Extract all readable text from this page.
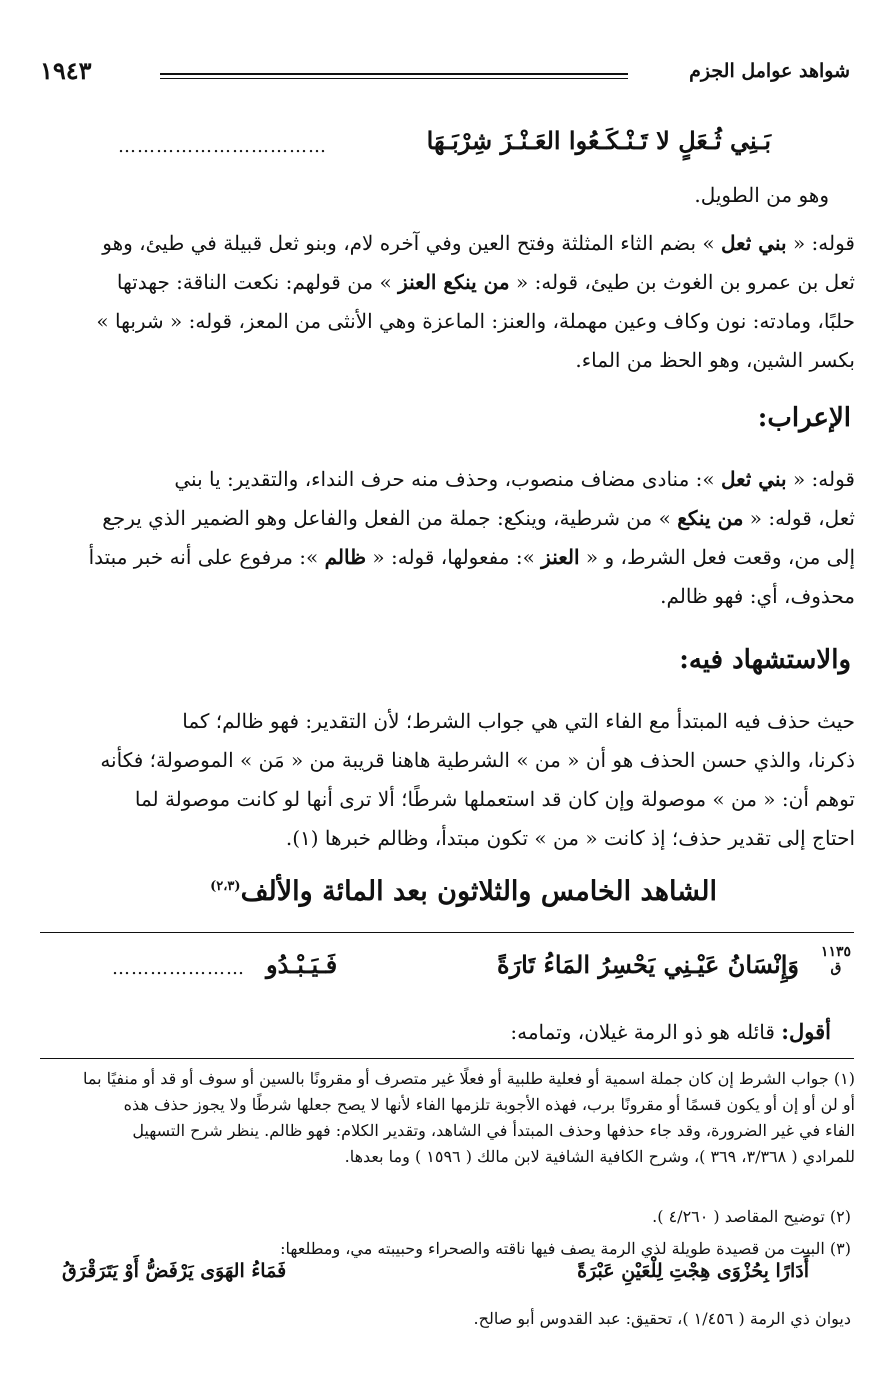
شواهد عوامل الجزم
١٩٤٣
بَـنِي ثُـعَلٍ لا تَـنْـكَـعُوا العَـنْـزَ شِرْبَـهَا
……………………………
وهو من الطويل.
قوله: « بني ثعل » بضم الثاء المثلثة وفتح العين وفي آخره لام، وبنو ثعل قبيلة في طيئ، وهو
ثعل بن عمرو بن الغوث بن طيئ، قوله: « من ينكع العنز » من قولهم: نكعت الناقة: جهدتها
حلبًا، ومادته: نون وكاف وعين مهملة، والعنز: الماعزة وهي الأنثى من المعز، قوله: « شربها »
بكسر الشين، وهو الحظ من الماء.
الإعراب:
قوله: « بني ثعل »: منادى مضاف منصوب، وحذف منه حرف النداء، والتقدير: يا بني
ثعل، قوله: « من ينكع » من شرطية، وينكع: جملة من الفعل والفاعل وهو الضمير الذي يرجع
إلى من، وقعت فعل الشرط، و « العنز »: مفعولها، قوله: « ظالم »: مرفوع على أنه خبر مبتدأ
محذوف، أي: فهو ظالم.
والاستشهاد فيه:
حيث حذف فيه المبتدأ مع الفاء التي هي جواب الشرط؛ لأن التقدير: فهو ظالم؛ كما
ذكرنا، والذي حسن الحذف هو أن « من » الشرطية هاهنا قريبة من « مَن » الموصولة؛ فكأنه
توهم أن: « من » موصولة وإن كان قد استعملها شرطًا؛ ألا ترى أنها لو كانت موصولة لما
احتاج إلى تقدير حذف؛ إذ كانت « من » تكون مبتدأ، وظالم خبرها (١).
الشاهد الخامس والثلاثون بعد المائة والألف$^{(٢،٣)}$
١١٣٥
ق
وَإِنْسَانُ عَيْـنِي يَحْسِرُ المَاءُ تَارَةً
فَـيَـبْـدُو
…………………
أقول: قائله هو ذو الرمة غيلان، وتمامه:
(١) جواب الشرط إن كان جملة اسمية أو فعلية طلبية أو فعلًا غير متصرف أو مقرونًا بالسين أو سوف أو قد أو منفيًا بما
أو لن أو إن أو يكون قسمًا أو مقرونًا برب، فهذه الأجوبة تلزمها الفاء لأنها لا يصح جعلها شرطًا ولا يجوز حذف هذه
الفاء في غير الضرورة، وقد جاء حذفها وحذف المبتدأ في الشاهد، وتقدير الكلام: فهو ظالم. ينظر شرح التسهيل
للمرادي ( ٣/٣٦٨، ٣٦٩ )، وشرح الكافية الشافية لابن مالك ( ١٥٩٦ ) وما بعدها.
(٢) توضيح المقاصد ( ٤/٢٦٠ ).
(٣) البيت من قصيدة طويلة لذي الرمة يصف فيها ناقته والصحراء وحبيبته مي، ومطلعها:
أَدَارًا بِحُزْوَى هِجْتِ لِلْعَيْنِ عَبْرَةً
فَمَاءُ الهَوَى يَرْفَضُّ أَوْ يَتَرَقْرَقُ
ديوان ذي الرمة ( ١/٤٥٦ )، تحقيق: عبد القدوس أبو صالح.
